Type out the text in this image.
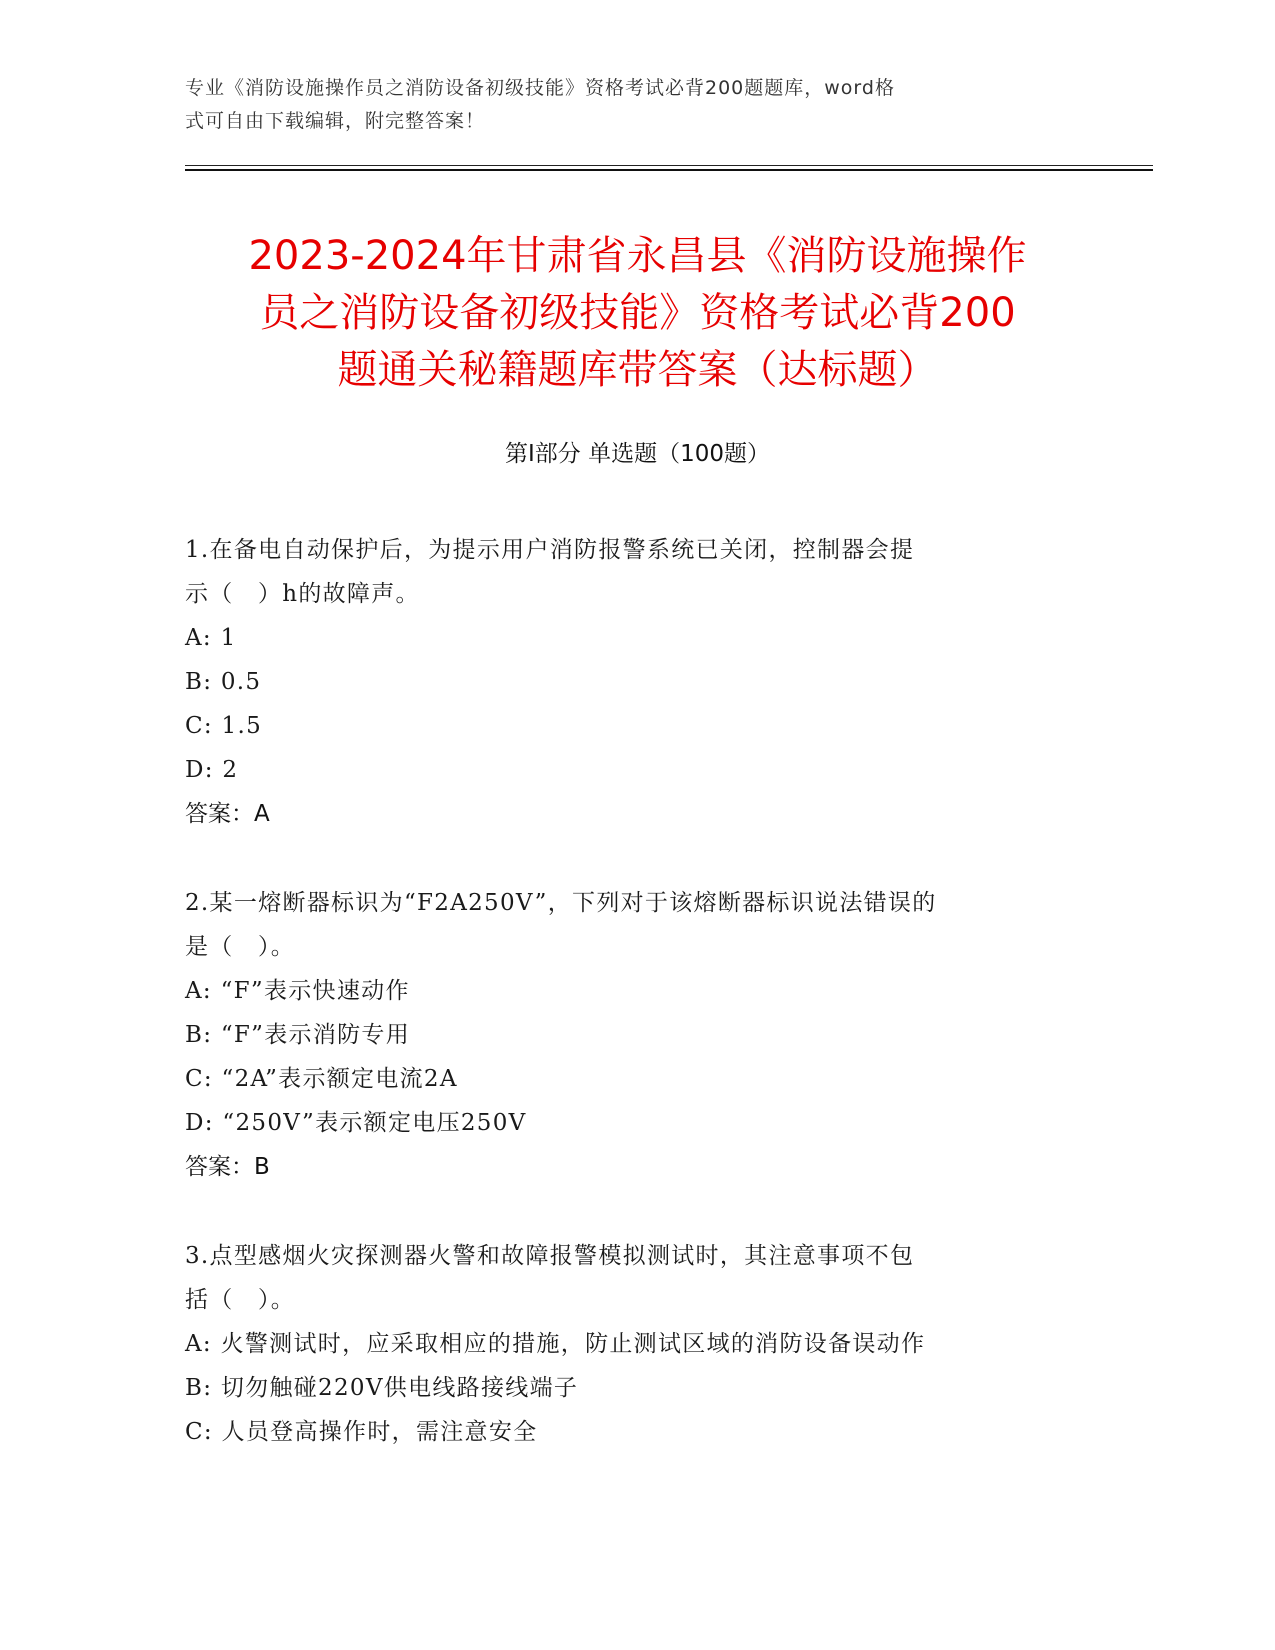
专业《消防设施操作员之消防设备初级技能》资格考试必背200题题库，word格
式可自由下载编辑，附完整答案！
2023-2024年甘肃省永昌县《消防设施操作
员之消防设备初级技能》资格考试必背200
题通关秘籍题库带答案（达标题）
第Ⅰ部分 单选题（100题）
1.在备电自动保护后，为提示用户消防报警系统已关闭，控制器会提
示（　）h的故障声。
A: 1
B: 0.5
C: 1.5
D: 2
答案：A
2.某一熔断器标识为“F2A250V”，下列对于该熔断器标识说法错误的
是（　）。
A: “F”表示快速动作
B: “F”表示消防专用
C: “2A”表示额定电流2A
D: “250V”表示额定电压250V
答案：B
3.点型感烟火灾探测器火警和故障报警模拟测试时，其注意事项不包
括（　）。
A: 火警测试时，应采取相应的措施，防止测试区域的消防设备误动作
B: 切勿触碰220V供电线路接线端子
C: 人员登高操作时，需注意安全
